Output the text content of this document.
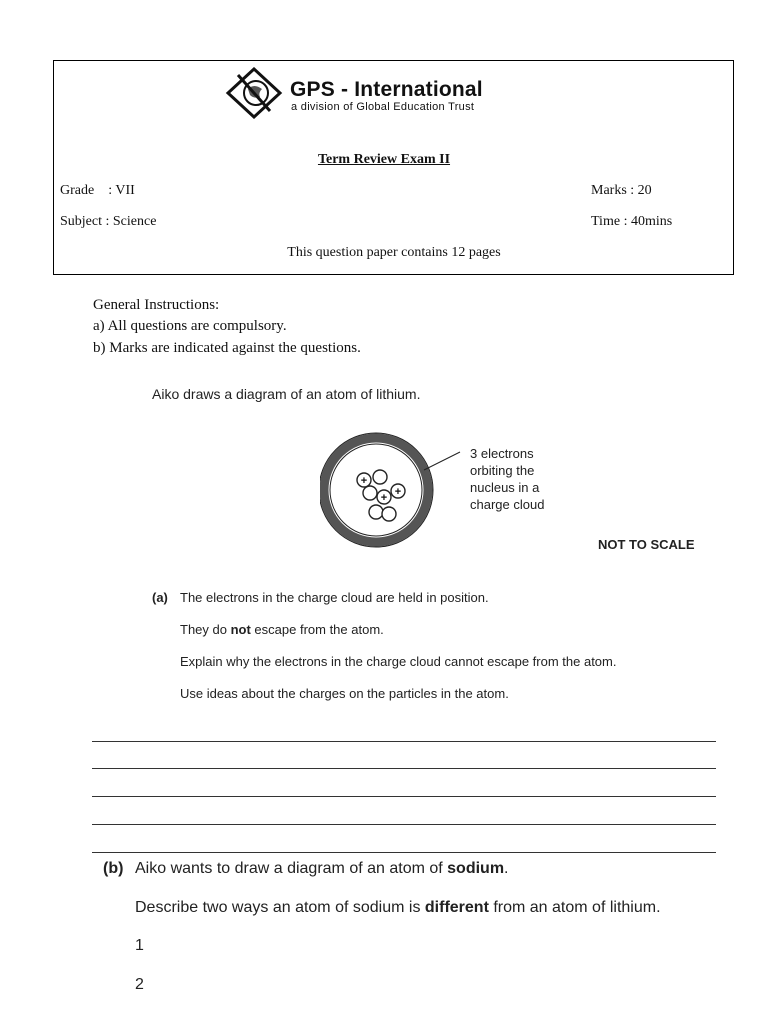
GPS - International
a division of Global Education Trust
Term Review Exam II
Grade : VII	Marks : 20
Subject : Science	Time : 40mins
This question paper contains 12 pages
General Instructions:
a) All questions are compulsory.
b) Marks are indicated against the questions.
Aiko draws a diagram of an atom of lithium.
+
+ +
3 electrons
orbiting the
nucleus in a
charge cloud
NOT TO SCALE
(a) The electrons in the charge cloud are held in position.
They do not escape from the atom.
Explain why the electrons in the charge cloud cannot escape from the atom.
Use ideas about the charges on the particles in the atom.
(b) Aiko wants to draw a diagram of an atom of sodium.
Describe two ways an atom of sodium is different from an atom of lithium.
1
2
